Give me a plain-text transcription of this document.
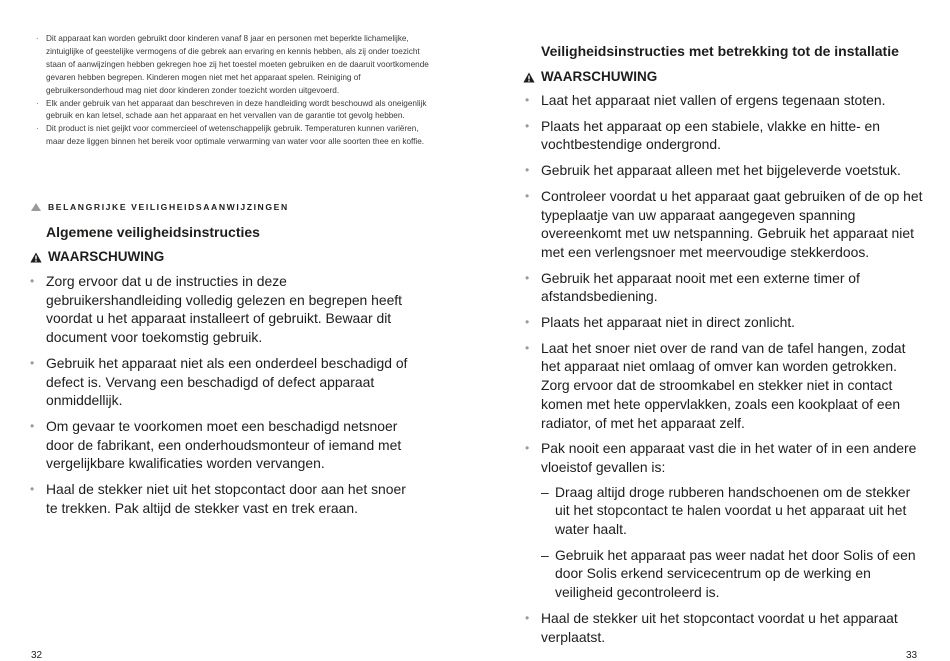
· Dit apparaat kan worden gebruikt door kinderen vanaf 8 jaar en personen met beperkte lichamelijke, zintuiglijke of geestelijke vermogens of die gebrek aan ervaring en kennis hebben, als zij onder toezicht staan of aanwijzingen hebben gekregen hoe zij het toestel moeten gebruiken en de daaruit voortkomende gevaren hebben begrepen. Kinderen mogen niet met het apparaat spelen. Reiniging of gebruikersonderhoud mag niet door kinderen zonder toezicht worden uitgevoerd.
· Elk ander gebruik van het apparaat dan beschreven in deze handleiding wordt beschouwd als oneigenlijk gebruik en kan letsel, schade aan het apparaat en het vervallen van de garantie tot gevolg hebben.
· Dit product is niet geijkt voor commercieel of wetenschappelijk gebruik. Temperaturen kunnen variëren, maar deze liggen binnen het bereik voor optimale verwarming van water voor alle soorten thee en koffie.
BELANGRIJKE VEILIGHEIDSAANWIJZINGEN
Algemene veiligheidsinstructies
WAARSCHUWING
• Zorg ervoor dat u de instructies in deze gebruikershandleiding volledig gelezen en begrepen heeft voordat u het apparaat installeert of gebruikt. Bewaar dit document voor toekomstig gebruik.
• Gebruik het apparaat niet als een onderdeel beschadigd of defect is. Vervang een beschadigd of defect apparaat onmiddellijk.
• Om gevaar te voorkomen moet een beschadigd netsnoer door de fabrikant, een onderhoudsmonteur of iemand met vergelijkbare kwalificaties worden vervangen.
• Haal de stekker niet uit het stopcontact door aan het snoer te trekken. Pak altijd de stekker vast en trek eraan.
32
Veiligheidsinstructies met betrekking tot de installatie
WAARSCHUWING
• Laat het apparaat niet vallen of ergens tegenaan stoten.
• Plaats het apparaat op een stabiele, vlakke en hitte- en vochtbestendige ondergrond.
• Gebruik het apparaat alleen met het bijgeleverde voetstuk.
• Controleer voordat u het apparaat gaat gebruiken of de op het typeplaatje van uw apparaat aangegeven spanning overeenkomt met uw netspanning. Gebruik het apparaat niet met een verlengsnoer met meervoudige stekkerdoos.
• Gebruik het apparaat nooit met een externe timer of afstandsbediening.
• Plaats het apparaat niet in direct zonlicht.
• Laat het snoer niet over de rand van de tafel hangen, zodat het apparaat niet omlaag of omver kan worden getrokken. Zorg ervoor dat de stroomkabel en stekker niet in contact komen met hete oppervlakken, zoals een kookplaat of een radiator, of met het apparaat zelf.
• Pak nooit een apparaat vast die in het water of in een andere vloeistof gevallen is:
– Draag altijd droge rubberen handschoenen om de stekker uit het stopcontact te halen voordat u het apparaat uit het water haalt.
– Gebruik het apparaat pas weer nadat het door Solis of een door Solis erkend servicecentrum op de werking en veiligheid gecontroleerd is.
• Haal de stekker uit het stopcontact voordat u het apparaat verplaatst.
33
